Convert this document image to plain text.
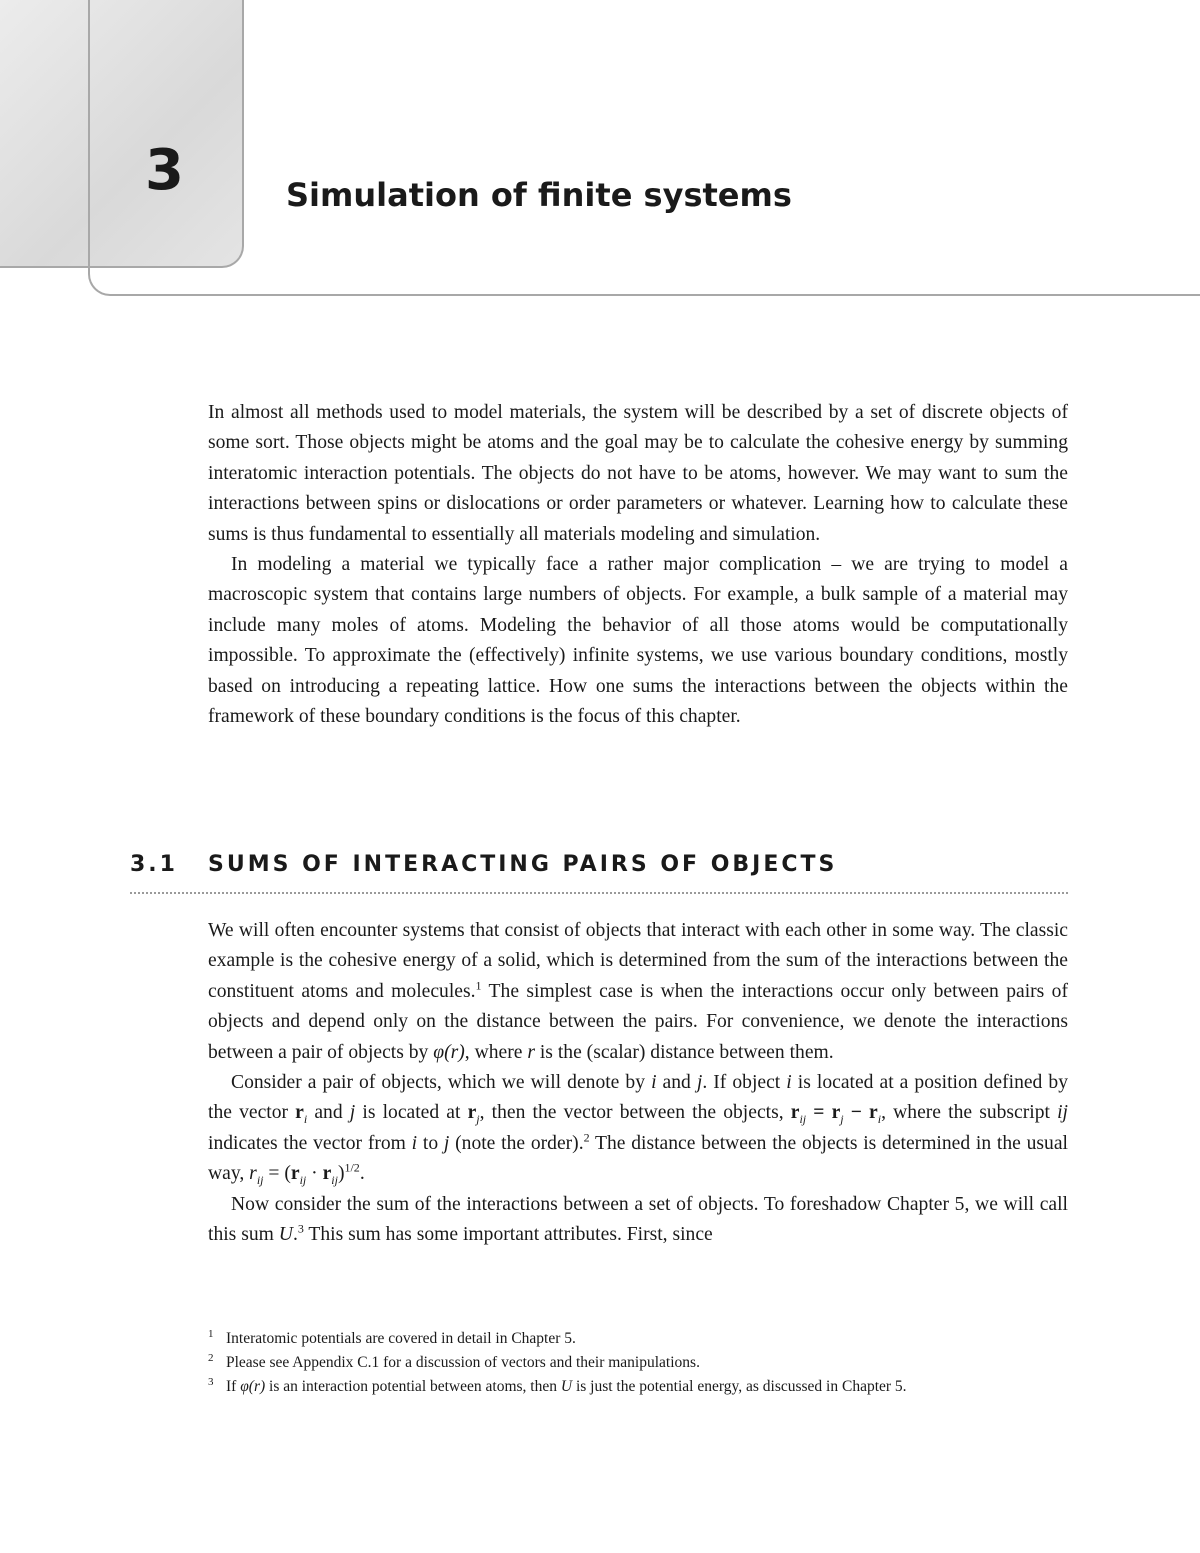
3	Simulation of finite systems

In almost all methods used to model materials, the system will be described by a set of discrete objects of some sort. Those objects might be atoms and the goal may be to calculate the cohesive energy by summing interatomic interaction potentials. The objects do not have to be atoms, however. We may want to sum the interactions between spins or dislocations or order parameters or whatever. Learning how to calculate these sums is thus fundamental to essentially all materials modeling and simulation.

In modeling a material we typically face a rather major complication – we are trying to model a macroscopic system that contains large numbers of objects. For example, a bulk sample of a material may include many moles of atoms. Modeling the behavior of all those atoms would be computationally impossible. To approximate the (effectively) infinite systems, we use various boundary conditions, mostly based on introducing a repeating lattice. How one sums the interactions between the objects within the framework of these boundary conditions is the focus of this chapter.

3.1 SUMS OF INTERACTING PAIRS OF OBJECTS

We will often encounter systems that consist of objects that interact with each other in some way. The classic example is the cohesive energy of a solid, which is determined from the sum of the interactions between the constituent atoms and molecules.$^1$ The simplest case is when the interactions occur only between pairs of objects and depend only on the distance between the pairs. For convenience, we denote the interactions between a pair of objects by φ(r), where r is the (scalar) distance between them.

Consider a pair of objects, which we will denote by i and j. If object i is located at a position defined by the vector $r_i$ and j is located at $r_j$, then the vector between the objects, $r_{ij} = r_j - r_i$, where the subscript ij indicates the vector from i to j (note the order).$^2$ The distance between the objects is determined in the usual way, $r_{ij} = (r_{ij} \cdot r_{ij})^{1/2}$.

Now consider the sum of the interactions between a set of objects. To foreshadow Chapter 5, we will call this sum U.$^3$ This sum has some important attributes. First, since

$^1$ Interatomic potentials are covered in detail in Chapter 5.

$^2$ Please see Appendix C.1 for a discussion of vectors and their manipulations.

$^3$ If φ(r) is an interaction potential between atoms, then U is just the potential energy, as discussed in Chapter 5.
